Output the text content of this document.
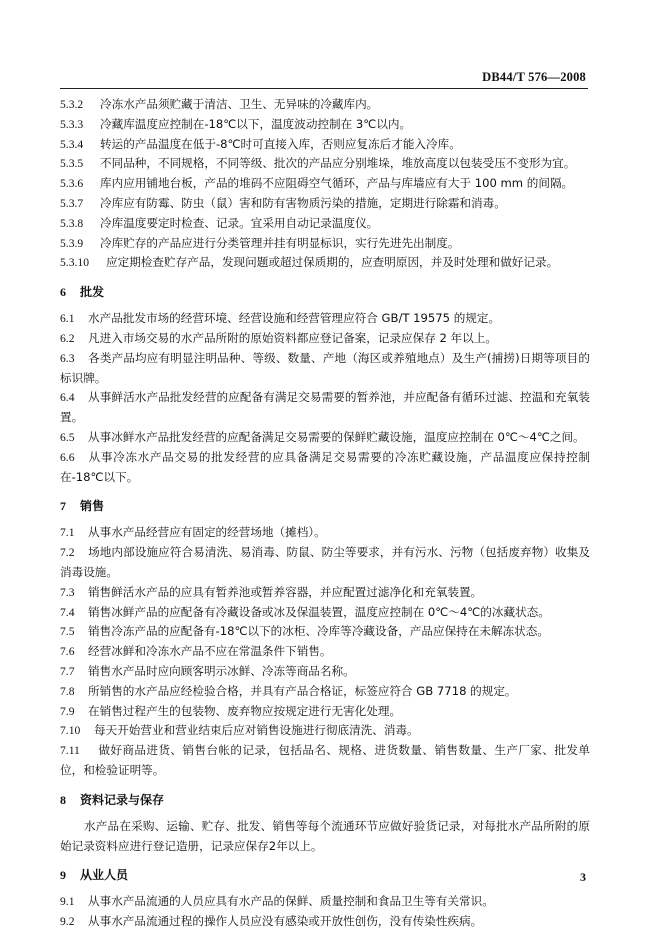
DB44/T 576—2008
5.3.2 冷冻水产品须贮藏于清洁、卫生、无异味的冷藏库内。
5.3.3 冷藏库温度应控制在-18℃以下，温度波动控制在 3℃以内。
5.3.4 转运的产品温度在低于-8℃时可直接入库，否则应复冻后才能入冷库。
5.3.5 不同品种，不同规格，不同等级、批次的产品应分别堆垛，堆放高度以包装受压不变形为宜。
5.3.6 库内应用铺地台板，产品的堆码不应阻碍空气循环，产品与库墙应有大于 100 mm 的间隔。
5.3.7 冷库应有防霉、防虫（鼠）害和防有害物质污染的措施，定期进行除霜和消毒。
5.3.8 冷库温度要定时检查、记录。宜采用自动记录温度仪。
5.3.9 冷库贮存的产品应进行分类管理并挂有明显标识，实行先进先出制度。
5.3.10 应定期检查贮存产品，发现问题或超过保质期的，应查明原因，并及时处理和做好记录。
6 批发
6.1 水产品批发市场的经营环境、经营设施和经营管理应符合 GB/T 19575 的规定。
6.2 凡进入市场交易的水产品所附的原始资料都应登记备案，记录应保存 2 年以上。
6.3 各类产品均应有明显注明品种、等级、数量、产地（海区或养殖地点）及生产(捕捞)日期等项目的标识牌。
6.4 从事鲜活水产品批发经营的应配备有满足交易需要的暂养池，并应配备有循环过滤、控温和充氧装置。
6.5 从事冰鲜水产品批发经营的应配备满足交易需要的保鲜贮藏设施，温度应控制在 0℃～4℃之间。
6.6 从事冷冻水产品交易的批发经营的应具备满足交易需要的冷冻贮藏设施，产品温度应保持控制在-18℃以下。
7 销售
7.1 从事水产品经营应有固定的经营场地（摊档）。
7.2 场地内部设施应符合易清洗、易消毒、防鼠、防尘等要求，并有污水、污物（包括废弃物）收集及消毒设施。
7.3 销售鲜活水产品的应具有暂养池或暂养容器，并应配置过滤净化和充氧装置。
7.4 销售冰鲜产品的应配备有冷藏设备或冰及保温装置，温度应控制在 0℃～4℃的冰藏状态。
7.5 销售冷冻产品的应配备有-18℃以下的冰柜、冷库等冷藏设备，产品应保持在未解冻状态。
7.6 经营冰鲜和冷冻水产品不应在常温条件下销售。
7.7 销售水产品时应向顾客明示冰鲜、冷冻等商品名称。
7.8 所销售的水产品应经检验合格，并具有产品合格证，标签应符合 GB 7718 的规定。
7.9 在销售过程产生的包装物、废弃物应按规定进行无害化处理。
7.10 每天开始营业和营业结束后应对销售设施进行彻底清洗、消毒。
7.11 做好商品进货、销售台帐的记录，包括品名、规格、进货数量、销售数量、生产厂家、批发单位，和检验证明等。
8 资料记录与保存
水产品在采购、运输、贮存、批发、销售等每个流通环节应做好验货记录，对每批水产品所附的原始记录资料应进行登记造册，记录应保存2年以上。
9 从业人员
9.1 从事水产品流通的人员应具有水产品的保鲜、质量控制和食品卫生等有关常识。
9.2 从事水产品流通过程的操作人员应没有感染或开放性创伤，没有传染性疾病。
3
